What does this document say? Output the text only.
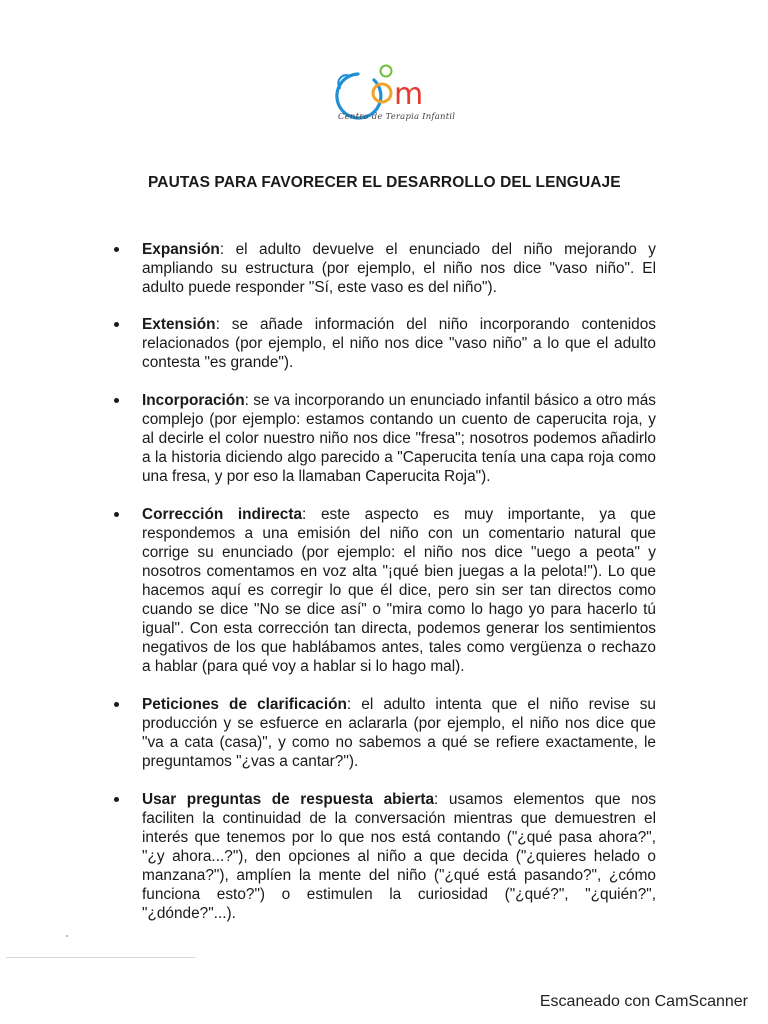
m
Centro de Terapia Infantil
PAUTAS PARA FAVORECER EL DESARROLLO DEL LENGUAJE
Expansión: el adulto devuelve el enunciado del niño mejorando y ampliando su estructura (por ejemplo, el niño nos dice "vaso niño". El adulto puede responder "Sí, este vaso es del niño").
Extensión: se añade información del niño incorporando contenidos relacionados (por ejemplo, el niño nos dice "vaso niño" a lo que el adulto contesta "es grande").
Incorporación: se va incorporando un enunciado infantil básico a otro más complejo (por ejemplo: estamos contando un cuento de caperucita roja, y al decirle el color nuestro niño nos dice "fresa"; nosotros podemos añadirlo a la historia diciendo algo parecido a "Caperucita tenía una capa roja como una fresa, y por eso la llamaban Caperucita Roja").
Corrección indirecta: este aspecto es muy importante, ya que respondemos a una emisión del niño con un comentario natural que corrige su enunciado (por ejemplo: el niño nos dice "uego a peota" y nosotros comentamos en voz alta "¡qué bien juegas a la pelota!"). Lo que hacemos aquí es corregir lo que él dice, pero sin ser tan directos como cuando se dice "No se dice así" o "mira como lo hago yo para hacerlo tú igual". Con esta corrección tan directa, podemos generar los sentimientos negativos de los que hablábamos antes, tales como vergüenza o rechazo a hablar (para qué voy a hablar si lo hago mal).
Peticiones de clarificación: el adulto intenta que el niño revise su producción y se esfuerce en aclararla (por ejemplo, el niño nos dice que "va a cata (casa)", y como no sabemos a qué se refiere exactamente, le preguntamos "¿vas a cantar?").
Usar preguntas de respuesta abierta: usamos elementos que nos faciliten la continuidad de la conversación mientras que demuestren el interés que tenemos por lo que nos está contando ("¿qué pasa ahora?", "¿y ahora...?"), den opciones al niño a que decida ("¿quieres helado o manzana?"), amplíen la mente del niño ("¿qué está pasando?", ¿cómo funciona esto?") o estimulen la curiosidad ("¿qué?", "¿quién?", "¿dónde?"...).
Escaneado con CamScanner
